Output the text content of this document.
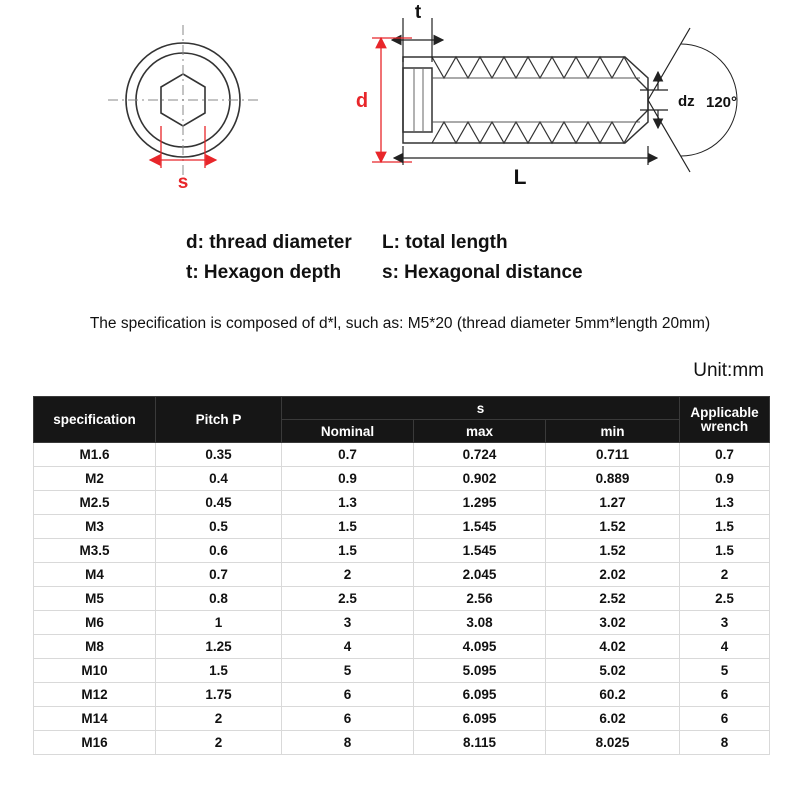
s
t
d
L
dz 120°
d: thread diameter	L: total length
t: Hexagon depth	s: Hexagonal distance
The specification is composed of d*l, such as: M5*20 (thread diameter 5mm*length 20mm)
Unit:mm
specification	Pitch P	s			Applicable wrench
		Nominal	max	min	
M1.6	0.35	0.7	0.724	0.711	0.7
M2	0.4	0.9	0.902	0.889	0.9
M2.5	0.45	1.3	1.295	1.27	1.3
M3	0.5	1.5	1.545	1.52	1.5
M3.5	0.6	1.5	1.545	1.52	1.5
M4	0.7	2	2.045	2.02	2
M5	0.8	2.5	2.56	2.52	2.5
M6	1	3	3.08	3.02	3
M8	1.25	4	4.095	4.02	4
M10	1.5	5	5.095	5.02	5
M12	1.75	6	6.095	60.2	6
M14	2	6	6.095	6.02	6
M16	2	8	8.115	8.025	8
